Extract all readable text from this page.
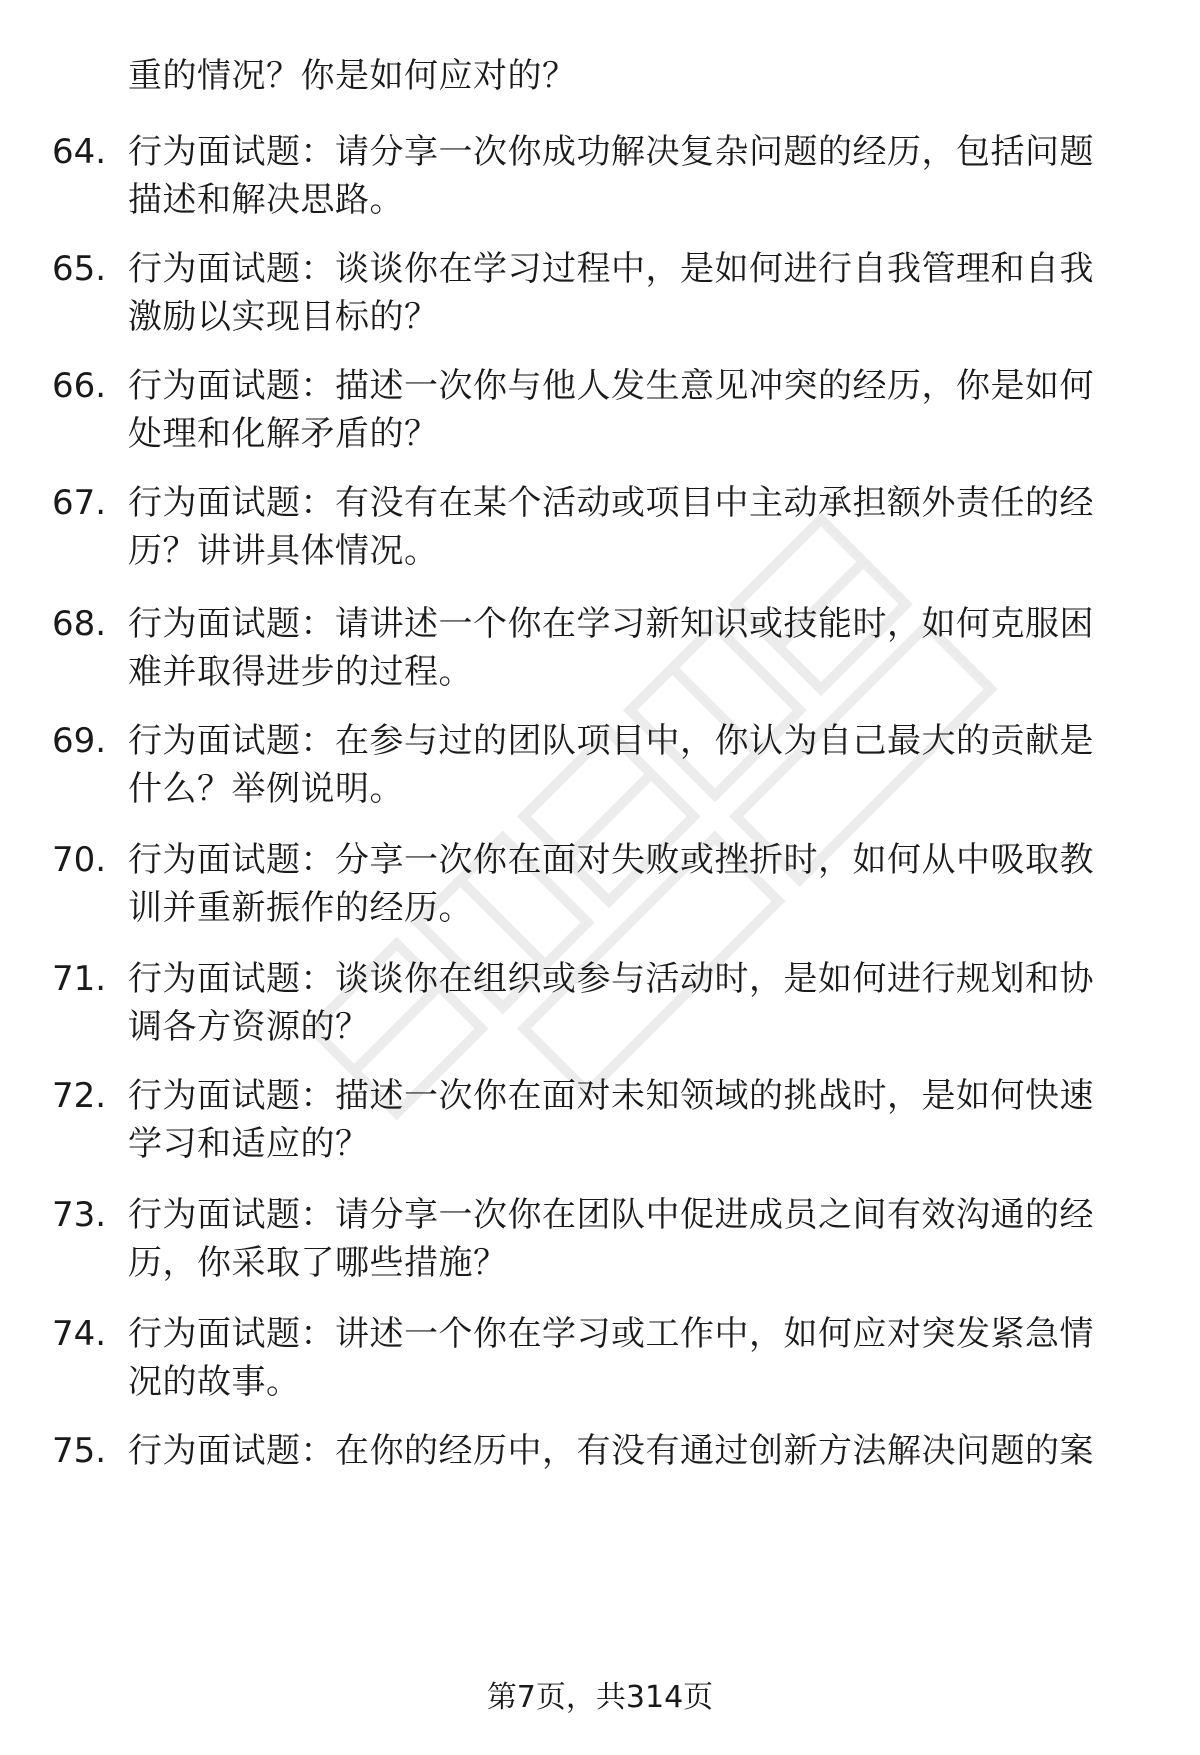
重的情况？你是如何应对的？
64. 行为面试题：请分享一次你成功解决复杂问题的经历，包括问题
描述和解决思路。
65. 行为面试题：谈谈你在学习过程中，是如何进行自我管理和自我
激励以实现目标的？
66. 行为面试题：描述一次你与他人发生意见冲突的经历，你是如何
处理和化解矛盾的？
67. 行为面试题：有没有在某个活动或项目中主动承担额外责任的经
历？讲讲具体情况。
68. 行为面试题：请讲述一个你在学习新知识或技能时，如何克服困
难并取得进步的过程。
69. 行为面试题：在参与过的团队项目中，你认为自己最大的贡献是
什么？举例说明。
70. 行为面试题：分享一次你在面对失败或挫折时，如何从中吸取教
训并重新振作的经历。
71. 行为面试题：谈谈你在组织或参与活动时，是如何进行规划和协
调各方资源的？
72. 行为面试题：描述一次你在面对未知领域的挑战时，是如何快速
学习和适应的？
73. 行为面试题：请分享一次你在团队中促进成员之间有效沟通的经
历，你采取了哪些措施？
74. 行为面试题：讲述一个你在学习或工作中，如何应对突发紧急情
况的故事。
75. 行为面试题：在你的经历中，有没有通过创新方法解决问题的案
第7页，共314页
